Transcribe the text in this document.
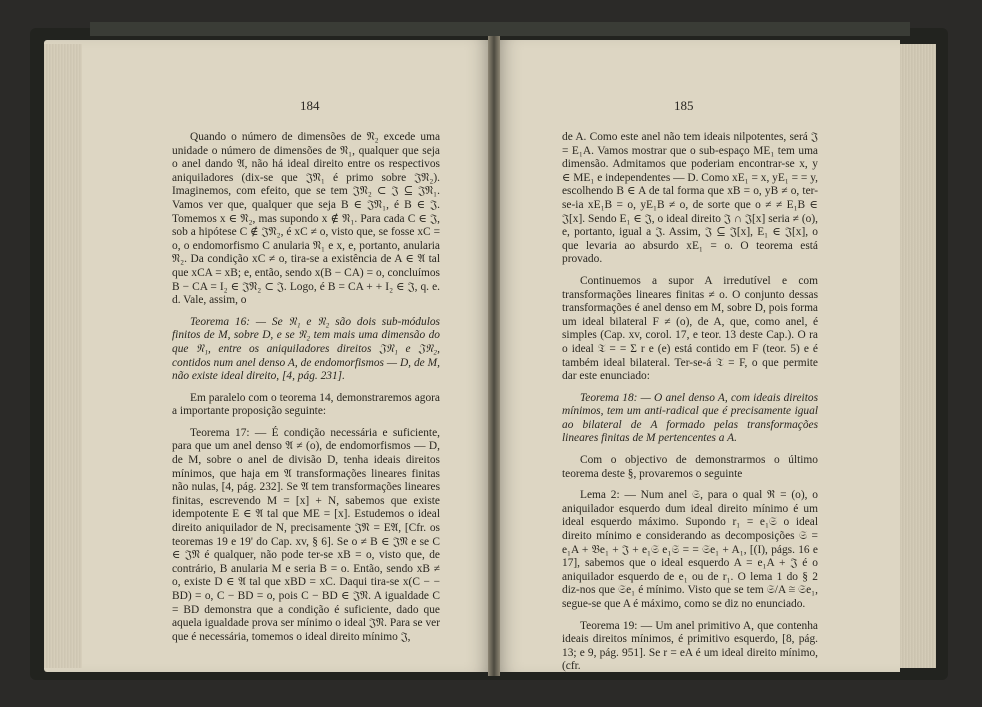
184	185

Quando o número de dimensões de 𝔑₂ excede uma unidade o número de dimensões de 𝔑₁, qualquer que seja o anel dando 𝔄, não há ideal direito entre os respectivos aniquiladores (dix-se que 𝔍𝔑₁ é primo sobre 𝔍𝔑₂). Imaginemos, com efeito, que se tem 𝔍𝔑₂ ⊂ 𝔍 ⊆ 𝔍𝔑₁. Vamos ver que, qualquer que seja B ∈ 𝔍𝔑₁, é B ∈ 𝔍. Tomemos x ∈ 𝔑₂, mas supondo x ∉ 𝔑₁. Para cada C ∈ 𝔍, sob a hipótese C ∉ 𝔍𝔑₂, é xC ≠ o, visto que, se fosse xC = o, o endomorfismo C anularia 𝔑₁ e x, e, portanto, anularia 𝔑₂. Da condição xC ≠ o, tira-se a existência de A ∈ 𝔄 tal que xCA = xB; e, então, sendo x(B − CA) = o, concluímos B − CA = I₂ ∈ 𝔍𝔑₂ ⊂ 𝔍. Logo, é B = CA + + I₂ ∈ 𝔍, q. e. d. Vale, assim, o

Teorema 16: — Se 𝔑₁ e 𝔑₂ são dois sub-módulos finitos de M, sobre D, e se 𝔑₂ tem mais uma dimensão do que 𝔑₁, entre os aniquiladores direitos 𝔍𝔑₁ e 𝔍𝔑₂, contidos num anel denso A, de endomorfismos — D, de M, não existe ideal direito, [4, pág. 231].

Em paralelo com o teorema 14, demonstraremos agora a importante proposição seguinte:

Teorema 17: — É condição necessária e suficiente, para que um anel denso 𝔄 ≠ (o), de endomorfismos — D, de M, sobre o anel de divisão D, tenha ideais direitos mínimos, que haja em 𝔄 transformações lineares finitas não nulas, [4, pág. 232]. Se 𝔄 tem transformações lineares finitas, escrevendo M = [x] + N, sabemos que existe idempotente E ∈ 𝔄 tal que ME = [x]. Estudemos o ideal direito aniquilador de N, precisamente 𝔍𝔑 = E𝔄, [Cfr. os teoremas 19 e 19' do Cap. xv, § 6]. Se o ≠ B ∈ 𝔍𝔑 e se C ∈ 𝔍𝔑 é qualquer, não pode ter-se xB = o, visto que, de contrário, B anularia M e seria B = o. Então, sendo xB ≠ o, existe D ∈ 𝔄 tal que xBD = xC. Daqui tira-se x(C − − BD) = o, C − BD = o, pois C − BD ∈ 𝔍𝔑. A igualdade C = BD demonstra que a condição é suficiente, dado que aquela igualdade prova ser mínimo o ideal 𝔍𝔑. Para se ver que é necessária, tomemos o ideal direito mínimo 𝔍,

de A. Como este anel não tem ideais nilpotentes, será 𝔍 = E₁A. Vamos mostrar que o sub-espaço ME₁ tem uma dimensão. Admitamos que poderiam encontrar-se x, y ∈ ME₁ e independentes — D. Como xE₁ = x, yE₁ = = y, escolhendo B ∈ A de tal forma que xB = o, yB ≠ o, ter-se-ia xE₁B = o, yE₁B ≠ o, de sorte que o ≠ ≠ E₁B ∈ 𝔍[x]. Sendo E₁ ∈ 𝔍, o ideal direito 𝔍 ∩ 𝔍[x] seria ≠ (o), e, portanto, igual a 𝔍. Assim, 𝔍 ⊆ 𝔍[x], E₁ ∈ 𝔍[x], o que levaria ao absurdo xE₁ = o. O teorema está provado.

Continuemos a supor A irredutível e com transformações lineares finitas ≠ o. O conjunto dessas transformações é anel denso em M, sobre D, pois forma um ideal bilateral F ≠ (o), de A, que, como anel, é simples (Cap. xv, corol. 17, e teor. 13 deste Cap.). O ra o ideal 𝔗 = = Σ r e (e) está contido em F (teor. 5) e é também ideal bilateral. Ter-se-á 𝔗 = F, o que permite dar este enunciado:

Teorema 18: — O anel denso A, com ideais direitos mínimos, tem um anti-radical que é precisamente igual ao bilateral de A formado pelas transformações lineares finitas de M pertencentes a A.

Com o objectivo de demonstrarmos o último teorema deste §, provaremos o seguinte

Lema 2: — Num anel 𝔖, para o qual ℜ = (o), o aniquilador esquerdo dum ideal direito mínimo é um ideal esquerdo máximo. Supondo r₁ = e₁𝔖 o ideal direito mínimo e considerando as decomposições 𝔖 = e₁A + 𝔅e₁ + 𝔍 + e₁𝔖 e₁𝔖 = = 𝔖e₁ + A₁, [(I), págs. 16 e 17], sabemos que o ideal esquerdo A = e₁A + 𝔍 é o aniquilador esquerdo de e₁ ou de r₁. O lema 1 do § 2 diz-nos que 𝔖e₁ é mínimo. Visto que se tem 𝔖/A ≅ 𝔖e₁, segue-se que A é máximo, como se diz no enunciado.

Teorema 19: — Um anel primitivo A, que contenha ideais direitos mínimos, é primitivo esquerdo, [8, pág. 13; e 9, pág. 951]. Se r = eA é um ideal direito mínimo, (cfr.
